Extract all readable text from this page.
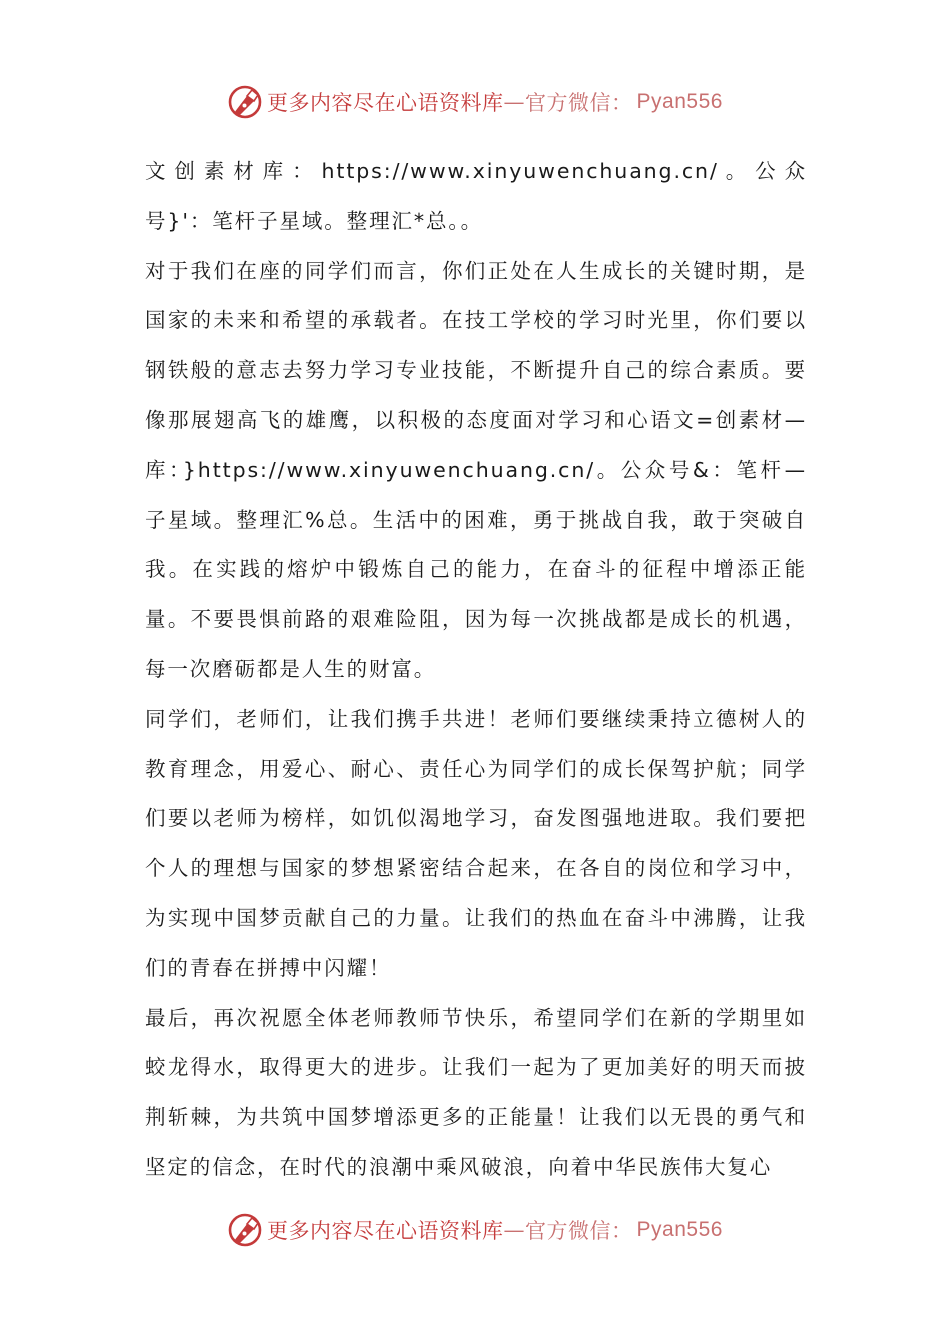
更多内容尽在心语资料库 — 官方微信： Pyan556

文创素材库：https://www.xinyuwenchuang.cn/。公众号}'：笔杆子星域。整理汇*总。。

对于我们在座的同学们而言，你们正处在人生成长的关键时期，是国家的未来和希望的承载者。在技工学校的学习时光里，你们要以钢铁般的意志去努力学习专业技能，不断提升自己的综合素质。要像那展翅高飞的雄鹰，以积极的态度面对学习和心语文=创素材—库：}https://www.xinyuwenchuang.cn/。公众号&：笔杆—子星域。整理汇%总。生活中的困难，勇于挑战自我，敢于突破自我。在实践的熔炉中锻炼自己的能力，在奋斗的征程中增添正能量。不要畏惧前路的艰难险阻，因为每一次挑战都是成长的机遇，每一次磨砺都是人生的财富。

同学们，老师们，让我们携手共进！老师们要继续秉持立德树人的教育理念，用爱心、耐心、责任心为同学们的成长保驾护航；同学们要以老师为榜样，如饥似渴地学习，奋发图强地进取。我们要把个人的理想与国家的梦想紧密结合起来，在各自的岗位和学习中，为实现中国梦贡献自己的力量。让我们的热血在奋斗中沸腾，让我们的青春在拼搏中闪耀！

最后，再次祝愿全体老师教师节快乐，希望同学们在新的学期里如蛟龙得水，取得更大的进步。让我们一起为了更加美好的明天而披荆斩棘，为共筑中国梦增添更多的正能量！让我们以无畏的勇气和坚定的信念，在时代的浪潮中乘风破浪，向着中华民族伟大复心

更多内容尽在心语资料库 — 官方微信： Pyan556
